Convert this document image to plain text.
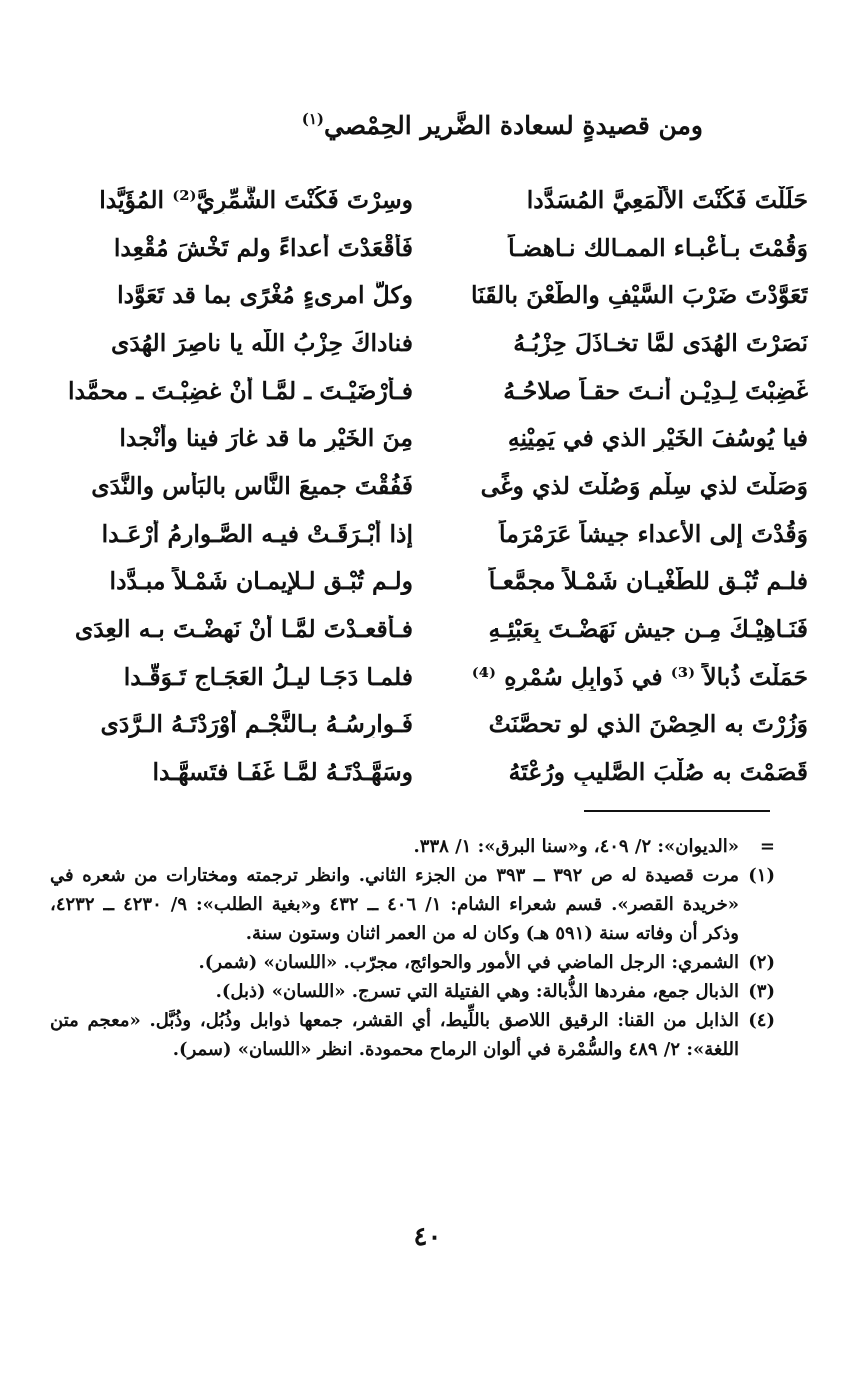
ومن قصيدةٍ لسعادة الضَّرير الحِمْصي$^{(١)}$
حَلَلْتَ فَكُنْتَ الألْمَعِيَّ المُسَدَّدا
وسِرْتَ فَكُنْتَ الشَّمِّرِيَّ⁽²⁾ المُؤَيَّدا
وَقُمْتَ بـأعْبـاء الممـالك نـاهضـاً
فَأَقْعَدْتَ أعداءً ولم تَخْشَ مُقْعِدا
تَعَوَّدْتَ ضَرْبَ السَّيْفِ والطَّعْنَ بالقَنَا
وكلُّ امرىءٍ مُغْرًى بما قد تَعَوَّدا
نَصَرْتَ الهُدَى لمَّا تخـاذَلَ حِزْبُـهُ
فناداكَ حِزْبُ اللّه يا ناصِرَ الهُدَى
غَضِبْتَ لِـدِيْـنٍ أنـتَ حقـاً صلاحُـهُ
فـأرْضَيْـتَ ـ لمَّـا أنْ غضِبْـتَ ـ محمَّدا
فيا يُوسُفَ الخَيْرِ الذي في يَمِيْنِهِ
مِنَ الخَيْرِ ما قد غارَ فينا وأَنْجدا
وَصَلْتَ لذي سِلْمٍ وَصُلْتَ لذي وغًى
فَفُقْتَ جميعَ النَّاس بالبَأْس والنَّدَى
وَقُدْتَ إلى الأعداء جيشاً عَرَمْرَماً
إذا أبْـرَقَـتْ فيـه الصَّـوارِمُ أرْعَـدا
فلـم تُبْـقِ للطُّغْيـان شَمْـلاً مجمَّعـاً
ولـم تُبْـقِ لـلإيمـان شَمْـلاً مبـدَّدا
فَنَـاهِيْـكَ مِـن جيشٍ نَهَضْـتَ بِعَبْئِـهِ
فـأقعـدْتَ لمَّـا أنْ نَهضْـتَ بـه العِدَى
حَمَلْتَ ذُبالاً ⁽³⁾ في ذَوابِلِ سُمْرِهِ ⁽⁴⁾
فلمـا دَجَـا ليـلُ العَجَـاجِ تَـوَقَّـدا
وَزُرْتَ به الحِصْنَ الذي لو تحصَّنَتْ
فَـوارِسُـهُ بـالنَّجْـمِ أوْرَدْتَـهُ الـرَّدَى
قَصَمْتَ به صُلْبَ الصَّليبِ ورُعْتَهُ
وسَهَّـدْتَـهُ لمَّـا غَفَـا فتَسهَّـدا
=
«الديوان»: ٢/ ٤٠٩، و«سنا البرق»: ١/ ٣٣٨.
(١)
مرت قصيدة له ص ٣٩٢ ــ ٣٩٣ من الجزء الثاني. وانظر ترجمته ومختارات من شعره في «خريدة القصر». قسم شعراء الشام: ١/ ٤٠٦ ــ ٤٣٢ و«بغية الطلب»: ٩/ ٤٢٣٠ ــ ٤٢٣٢، وذكر أن وفاته سنة (٥٩١ هـ) وكان له من العمر اثنان وستون سنة.
(٢)
الشمري: الرجل الماضي في الأمور والحوائج، مجرّب. «اللسان» (شمر).
(٣)
الذبال جمع، مفردها الذُّبالة: وهي الفتيلة التي تسرج. «اللسان» (ذبل).
(٤)
الذابل من القنا: الرقيق اللاصق باللِّيط، أي القشر، جمعها ذوابل وذُبُل، وذُبَّل. «معجم متن اللغة»: ٢/ ٤٨٩ والسُّمْرة في ألوان الرماح محمودة. انظر «اللسان» (سمر).
٤٠
